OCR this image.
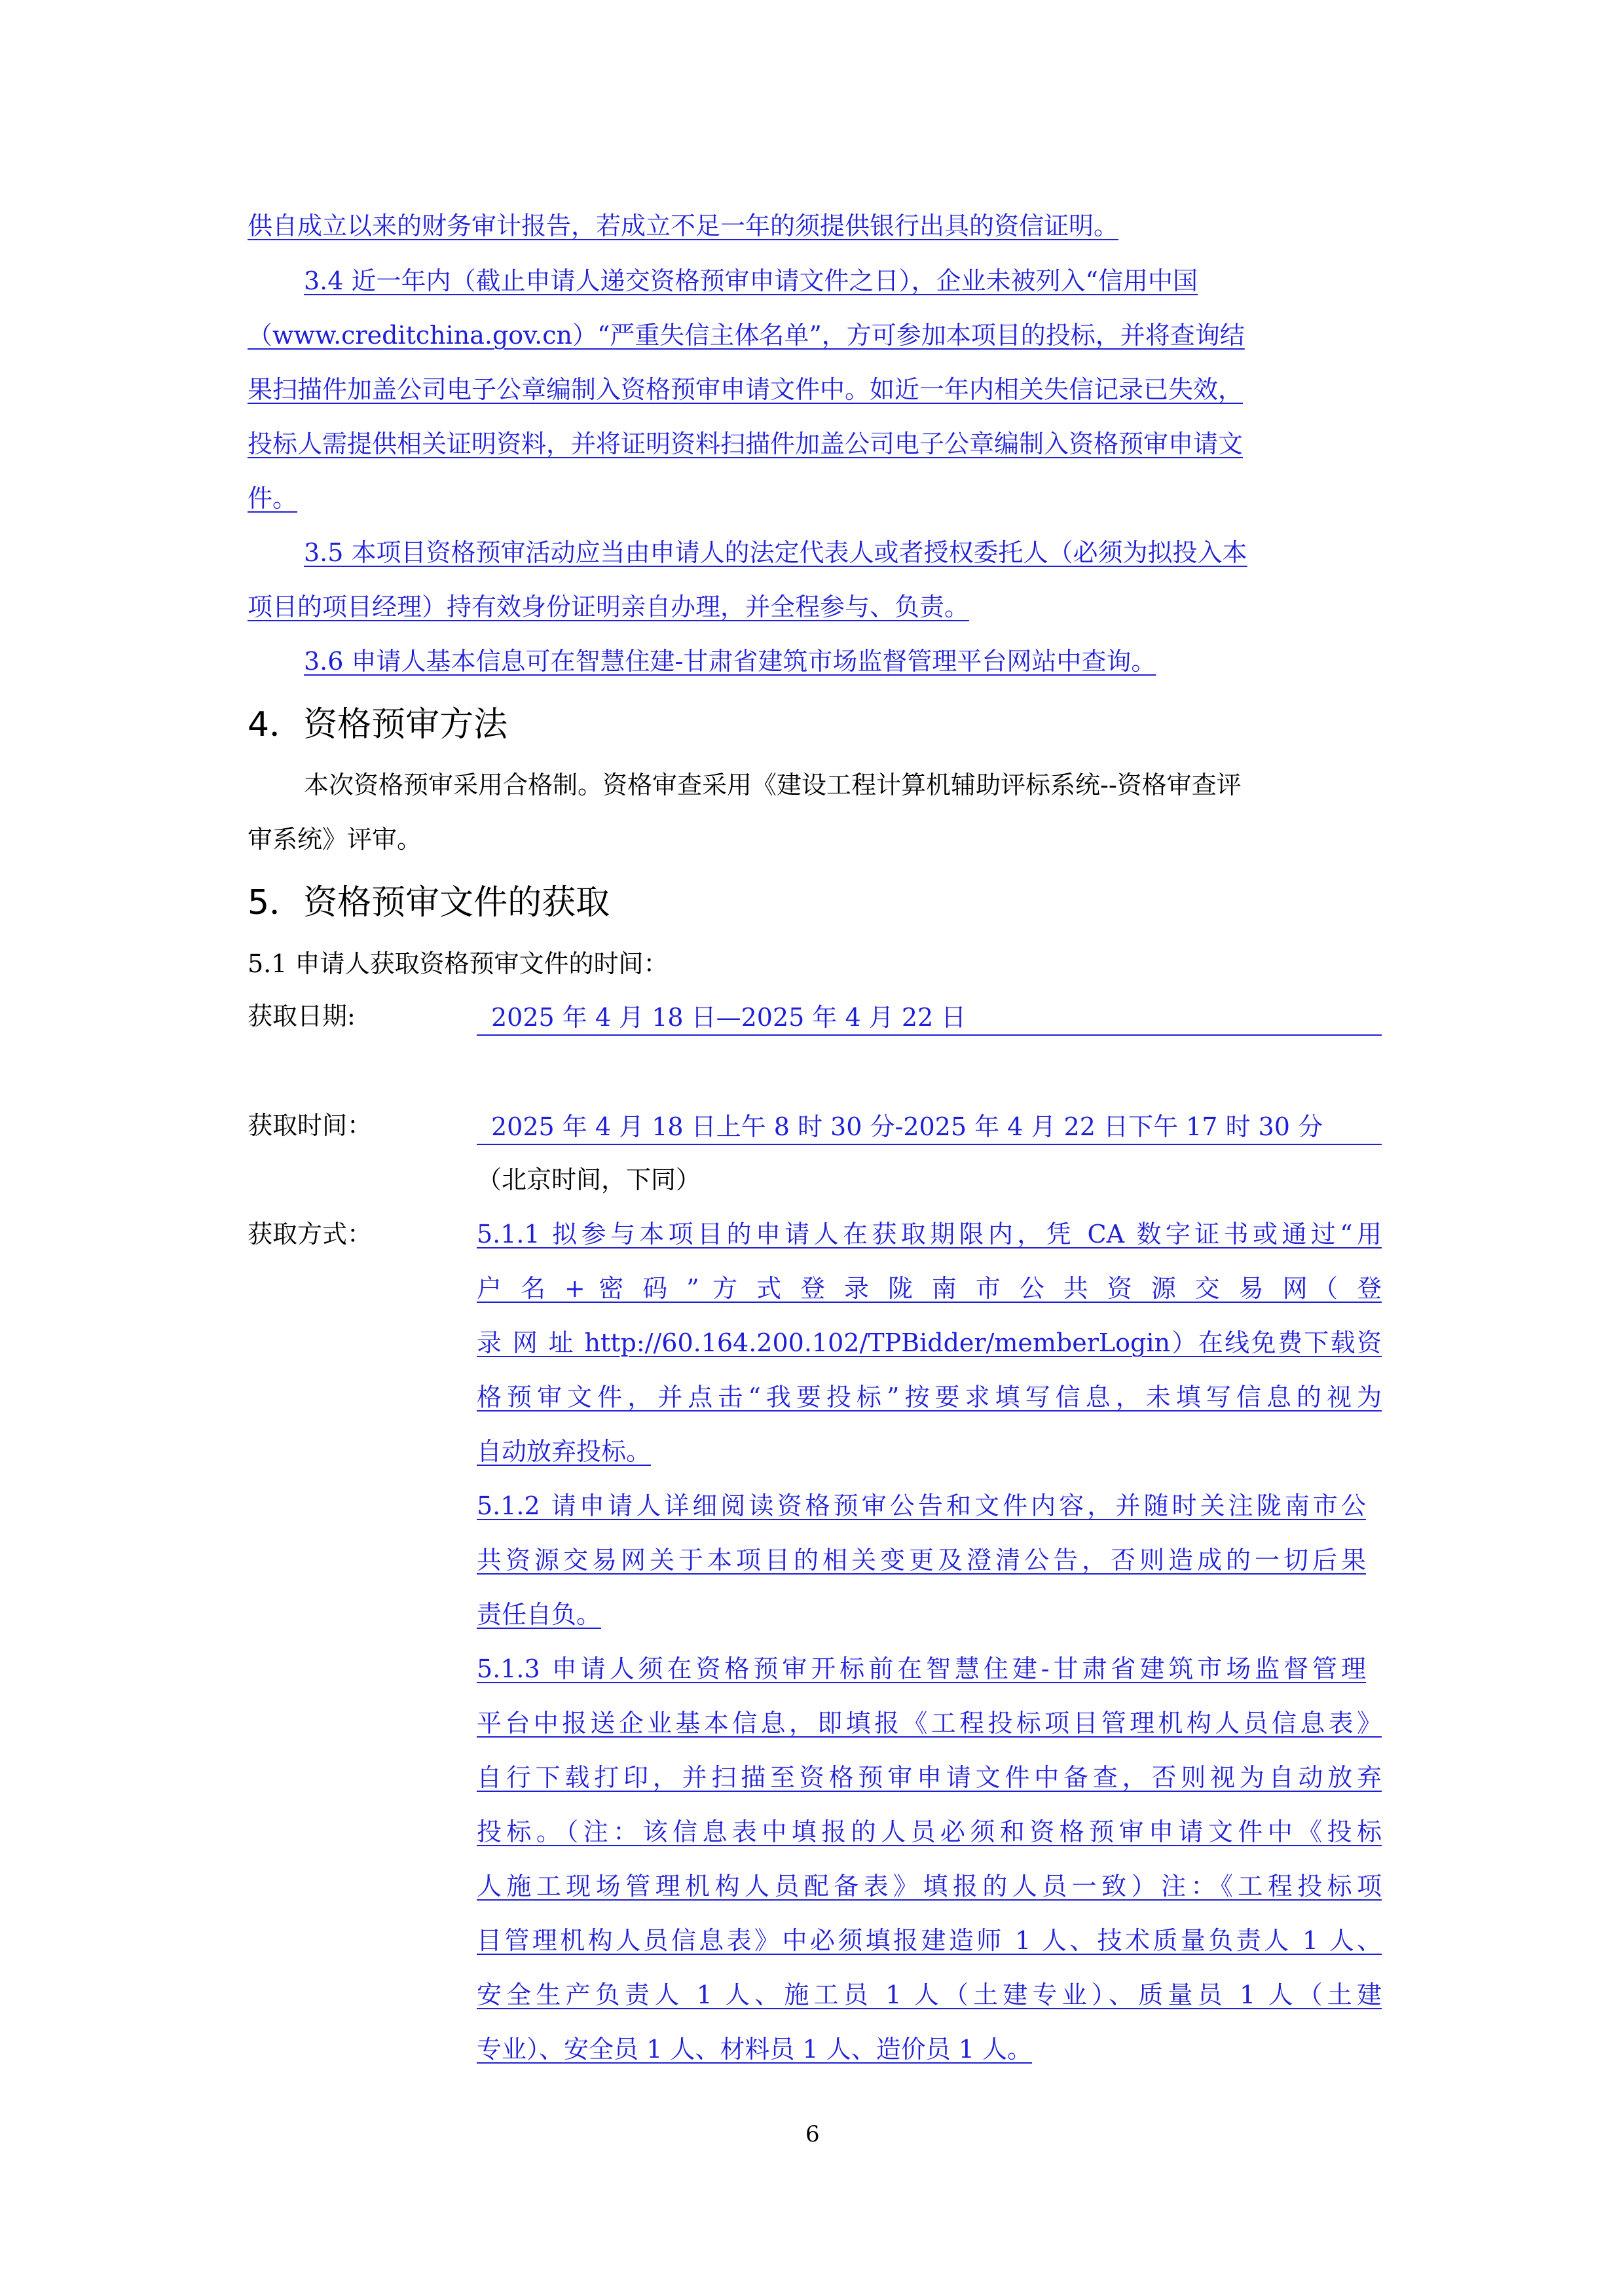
供自成立以来的财务审计报告，若成立不足一年的须提供银行出具的资信证明。
3.4 近一年内（截止申请人递交资格预审申请文件之日），企业未被列入“信用中国
（www.creditchina.gov.cn）“严重失信主体名单”，方可参加本项目的投标，并将查询结
果扫描件加盖公司电子公章编制入资格预审申请文件中。如近一年内相关失信记录已失效，
投标人需提供相关证明资料，并将证明资料扫描件加盖公司电子公章编制入资格预审申请文
件。
3.5 本项目资格预审活动应当由申请人的法定代表人或者授权委托人（必须为拟投入本
项目的项目经理）持有效身份证明亲自办理，并全程参与、负责。
3.6 申请人基本信息可在智慧住建-甘肃省建筑市场监督管理平台网站中查询。
4．资格预审方法
本次资格预审采用合格制。资格审查采用《建设工程计算机辅助评标系统--资格审查评
审系统》评审。
5．资格预审文件的获取
5.1 申请人获取资格预审文件的时间：
获取日期:	2025 年 4 月 18 日—2025 年 4 月 22 日
获取时间：	2025 年 4 月 18 日上午 8 时 30 分-2025 年 4 月 22 日下午 17 时 30 分
（北京时间，下同）
获取方式：	5.1.1 拟参与本项目的申请人在获取期限内，凭 CA 数字证书或通过“用
户 名 + 密 码 ” 方 式 登 录 陇 南 市 公 共 资 源 交 易 网（ 登
录 网 址 http://60.164.200.102/TPBidder/memberLogin）在线免费下载资
格预审文件，并点击“我要投标”按要求填写信息，未填写信息的视为
自动放弃投标。
5.1.2 请申请人详细阅读资格预审公告和文件内容，并随时关注陇南市公
共资源交易网关于本项目的相关变更及澄清公告，否则造成的一切后果
责任自负。
5.1.3 申请人须在资格预审开标前在智慧住建-甘肃省建筑市场监督管理
平台中报送企业基本信息，即填报《工程投标项目管理机构人员信息表》
自行下载打印，并扫描至资格预审申请文件中备查，否则视为自动放弃
投标。（注：该信息表中填报的人员必须和资格预审申请文件中《投标
人施工现场管理机构人员配备表》填报的人员一致）注：《工程投标项
目管理机构人员信息表》中必须填报建造师 1 人、技术质量负责人 1 人、
安全生产负责人 1 人、施工员 1 人（土建专业）、质量员 1 人（土建
专业）、安全员 1 人、材料员 1 人、造价员 1 人。
6
